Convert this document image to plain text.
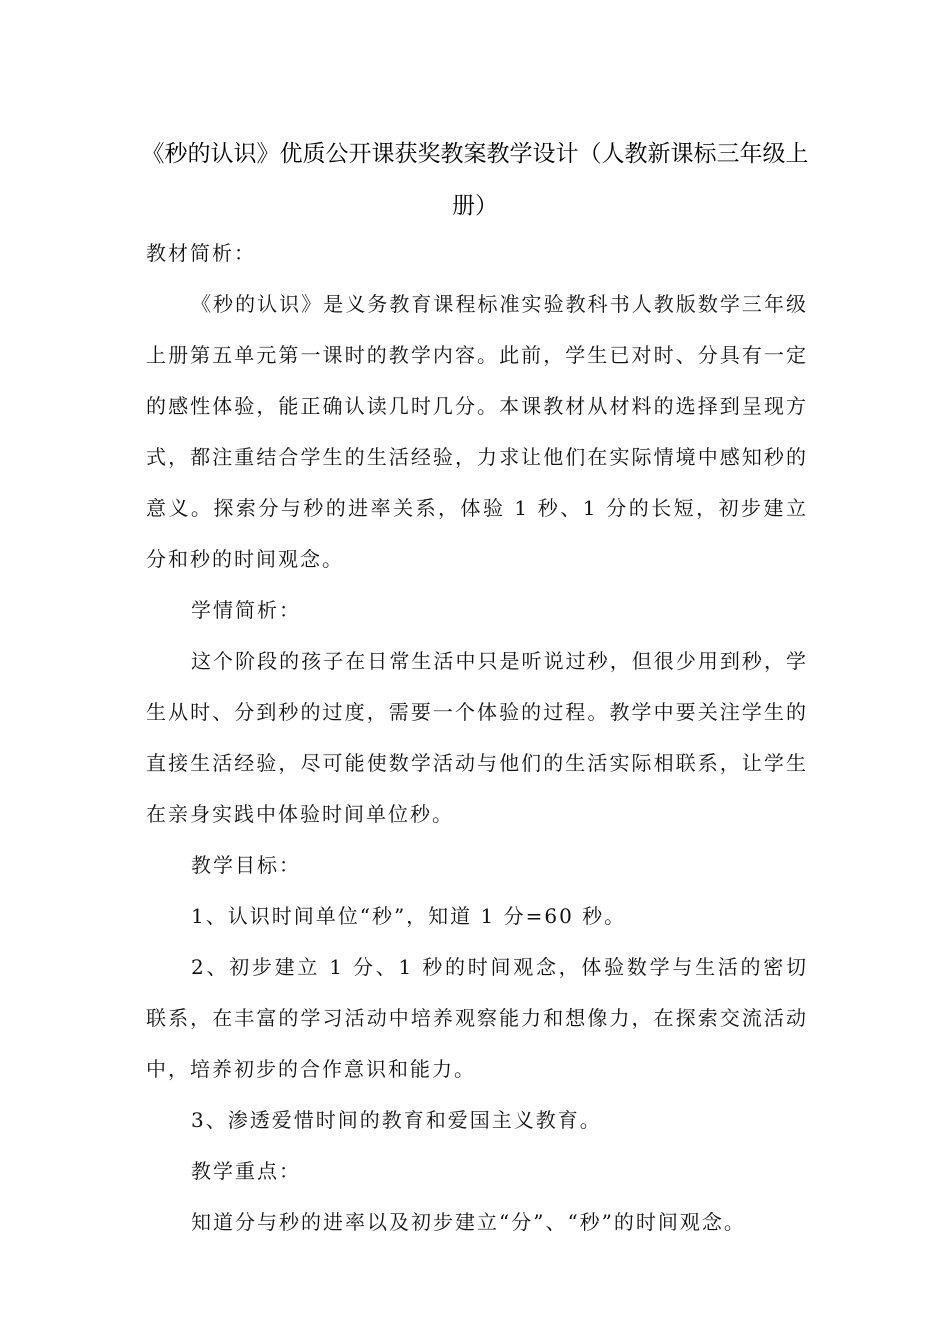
《秒的认识》优质公开课获奖教案教学设计（人教新课标三年级上册）

教材简析：

《秒的认识》是义务教育课程标准实验教科书人教版数学三年级上册第五单元第一课时的教学内容。此前，学生已对时、分具有一定的感性体验，能正确认读几时几分。本课教材从材料的选择到呈现方式，都注重结合学生的生活经验，力求让他们在实际情境中感知秒的意义。探索分与秒的进率关系，体验 1 秒、1 分的长短，初步建立分和秒的时间观念。

学情简析：

这个阶段的孩子在日常生活中只是听说过秒，但很少用到秒，学生从时、分到秒的过度，需要一个体验的过程。教学中要关注学生的直接生活经验，尽可能使数学活动与他们的生活实际相联系，让学生在亲身实践中体验时间单位秒。

教学目标：

1、认识时间单位“秒”，知道 1 分=60 秒。

2、初步建立 1 分、1 秒的时间观念，体验数学与生活的密切联系，在丰富的学习活动中培养观察能力和想像力，在探索交流活动中，培养初步的合作意识和能力。

3、渗透爱惜时间的教育和爱国主义教育。

教学重点：

知道分与秒的进率以及初步建立“分”、“秒”的时间观念。
